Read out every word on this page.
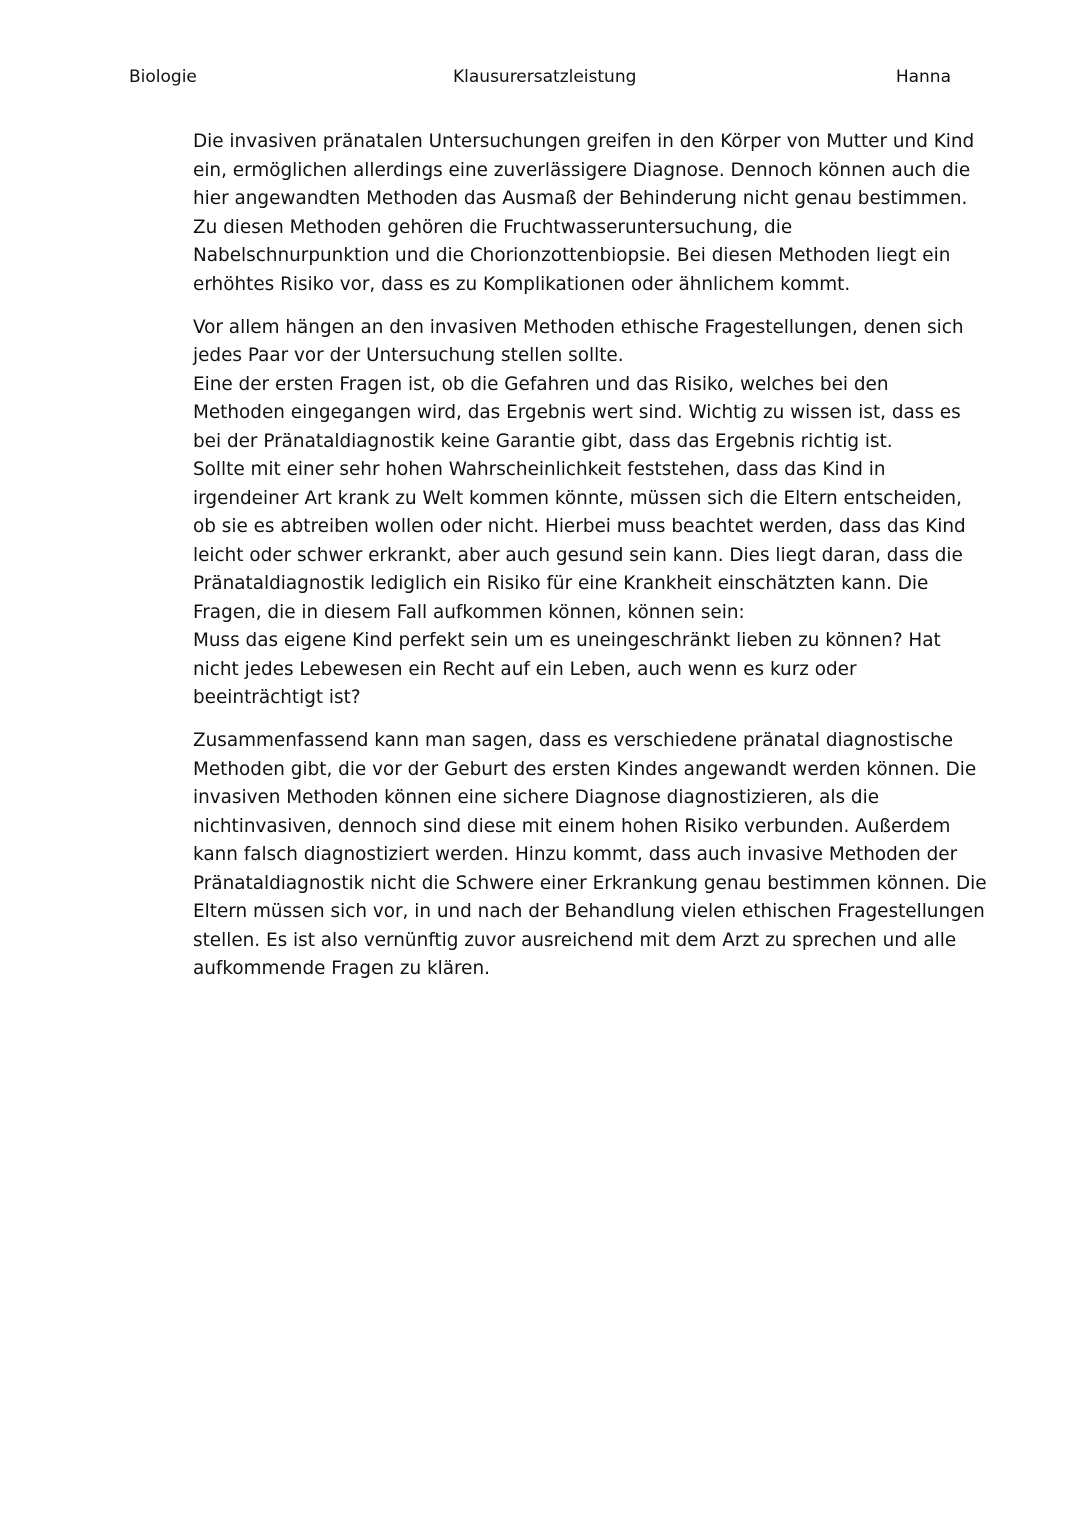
Biologie	Klausurersatzleistung	Hanna

Die invasiven pränatalen Untersuchungen greifen in den Körper von Mutter und Kind
ein, ermöglichen allerdings eine zuverlässigere Diagnose. Dennoch können auch die
hier angewandten Methoden das Ausmaß der Behinderung nicht genau bestimmen.
Zu diesen Methoden gehören die Fruchtwasseruntersuchung, die
Nabelschnurpunktion und die Chorionzottenbiopsie. Bei diesen Methoden liegt ein
erhöhtes Risiko vor, dass es zu Komplikationen oder ähnlichem kommt.

Vor allem hängen an den invasiven Methoden ethische Fragestellungen, denen sich
jedes Paar vor der Untersuchung stellen sollte.
Eine der ersten Fragen ist, ob die Gefahren und das Risiko, welches bei den
Methoden eingegangen wird, das Ergebnis wert sind. Wichtig zu wissen ist, dass es
bei der Pränataldiagnostik keine Garantie gibt, dass das Ergebnis richtig ist.
Sollte mit einer sehr hohen Wahrscheinlichkeit feststehen, dass das Kind in
irgendeiner Art krank zu Welt kommen könnte, müssen sich die Eltern entscheiden,
ob sie es abtreiben wollen oder nicht. Hierbei muss beachtet werden, dass das Kind
leicht oder schwer erkrankt, aber auch gesund sein kann. Dies liegt daran, dass die
Pränataldiagnostik lediglich ein Risiko für eine Krankheit einschätzten kann. Die
Fragen, die in diesem Fall aufkommen können, können sein:
Muss das eigene Kind perfekt sein um es uneingeschränkt lieben zu können? Hat
nicht jedes Lebewesen ein Recht auf ein Leben, auch wenn es kurz oder
beeinträchtigt ist?

Zusammenfassend kann man sagen, dass es verschiedene pränatal diagnostische
Methoden gibt, die vor der Geburt des ersten Kindes angewandt werden können. Die
invasiven Methoden können eine sichere Diagnose diagnostizieren, als die
nichtinvasiven, dennoch sind diese mit einem hohen Risiko verbunden. Außerdem
kann falsch diagnostiziert werden. Hinzu kommt, dass auch invasive Methoden der
Pränataldiagnostik nicht die Schwere einer Erkrankung genau bestimmen können. Die
Eltern müssen sich vor, in und nach der Behandlung vielen ethischen Fragestellungen
stellen. Es ist also vernünftig zuvor ausreichend mit dem Arzt zu sprechen und alle
aufkommende Fragen zu klären.
